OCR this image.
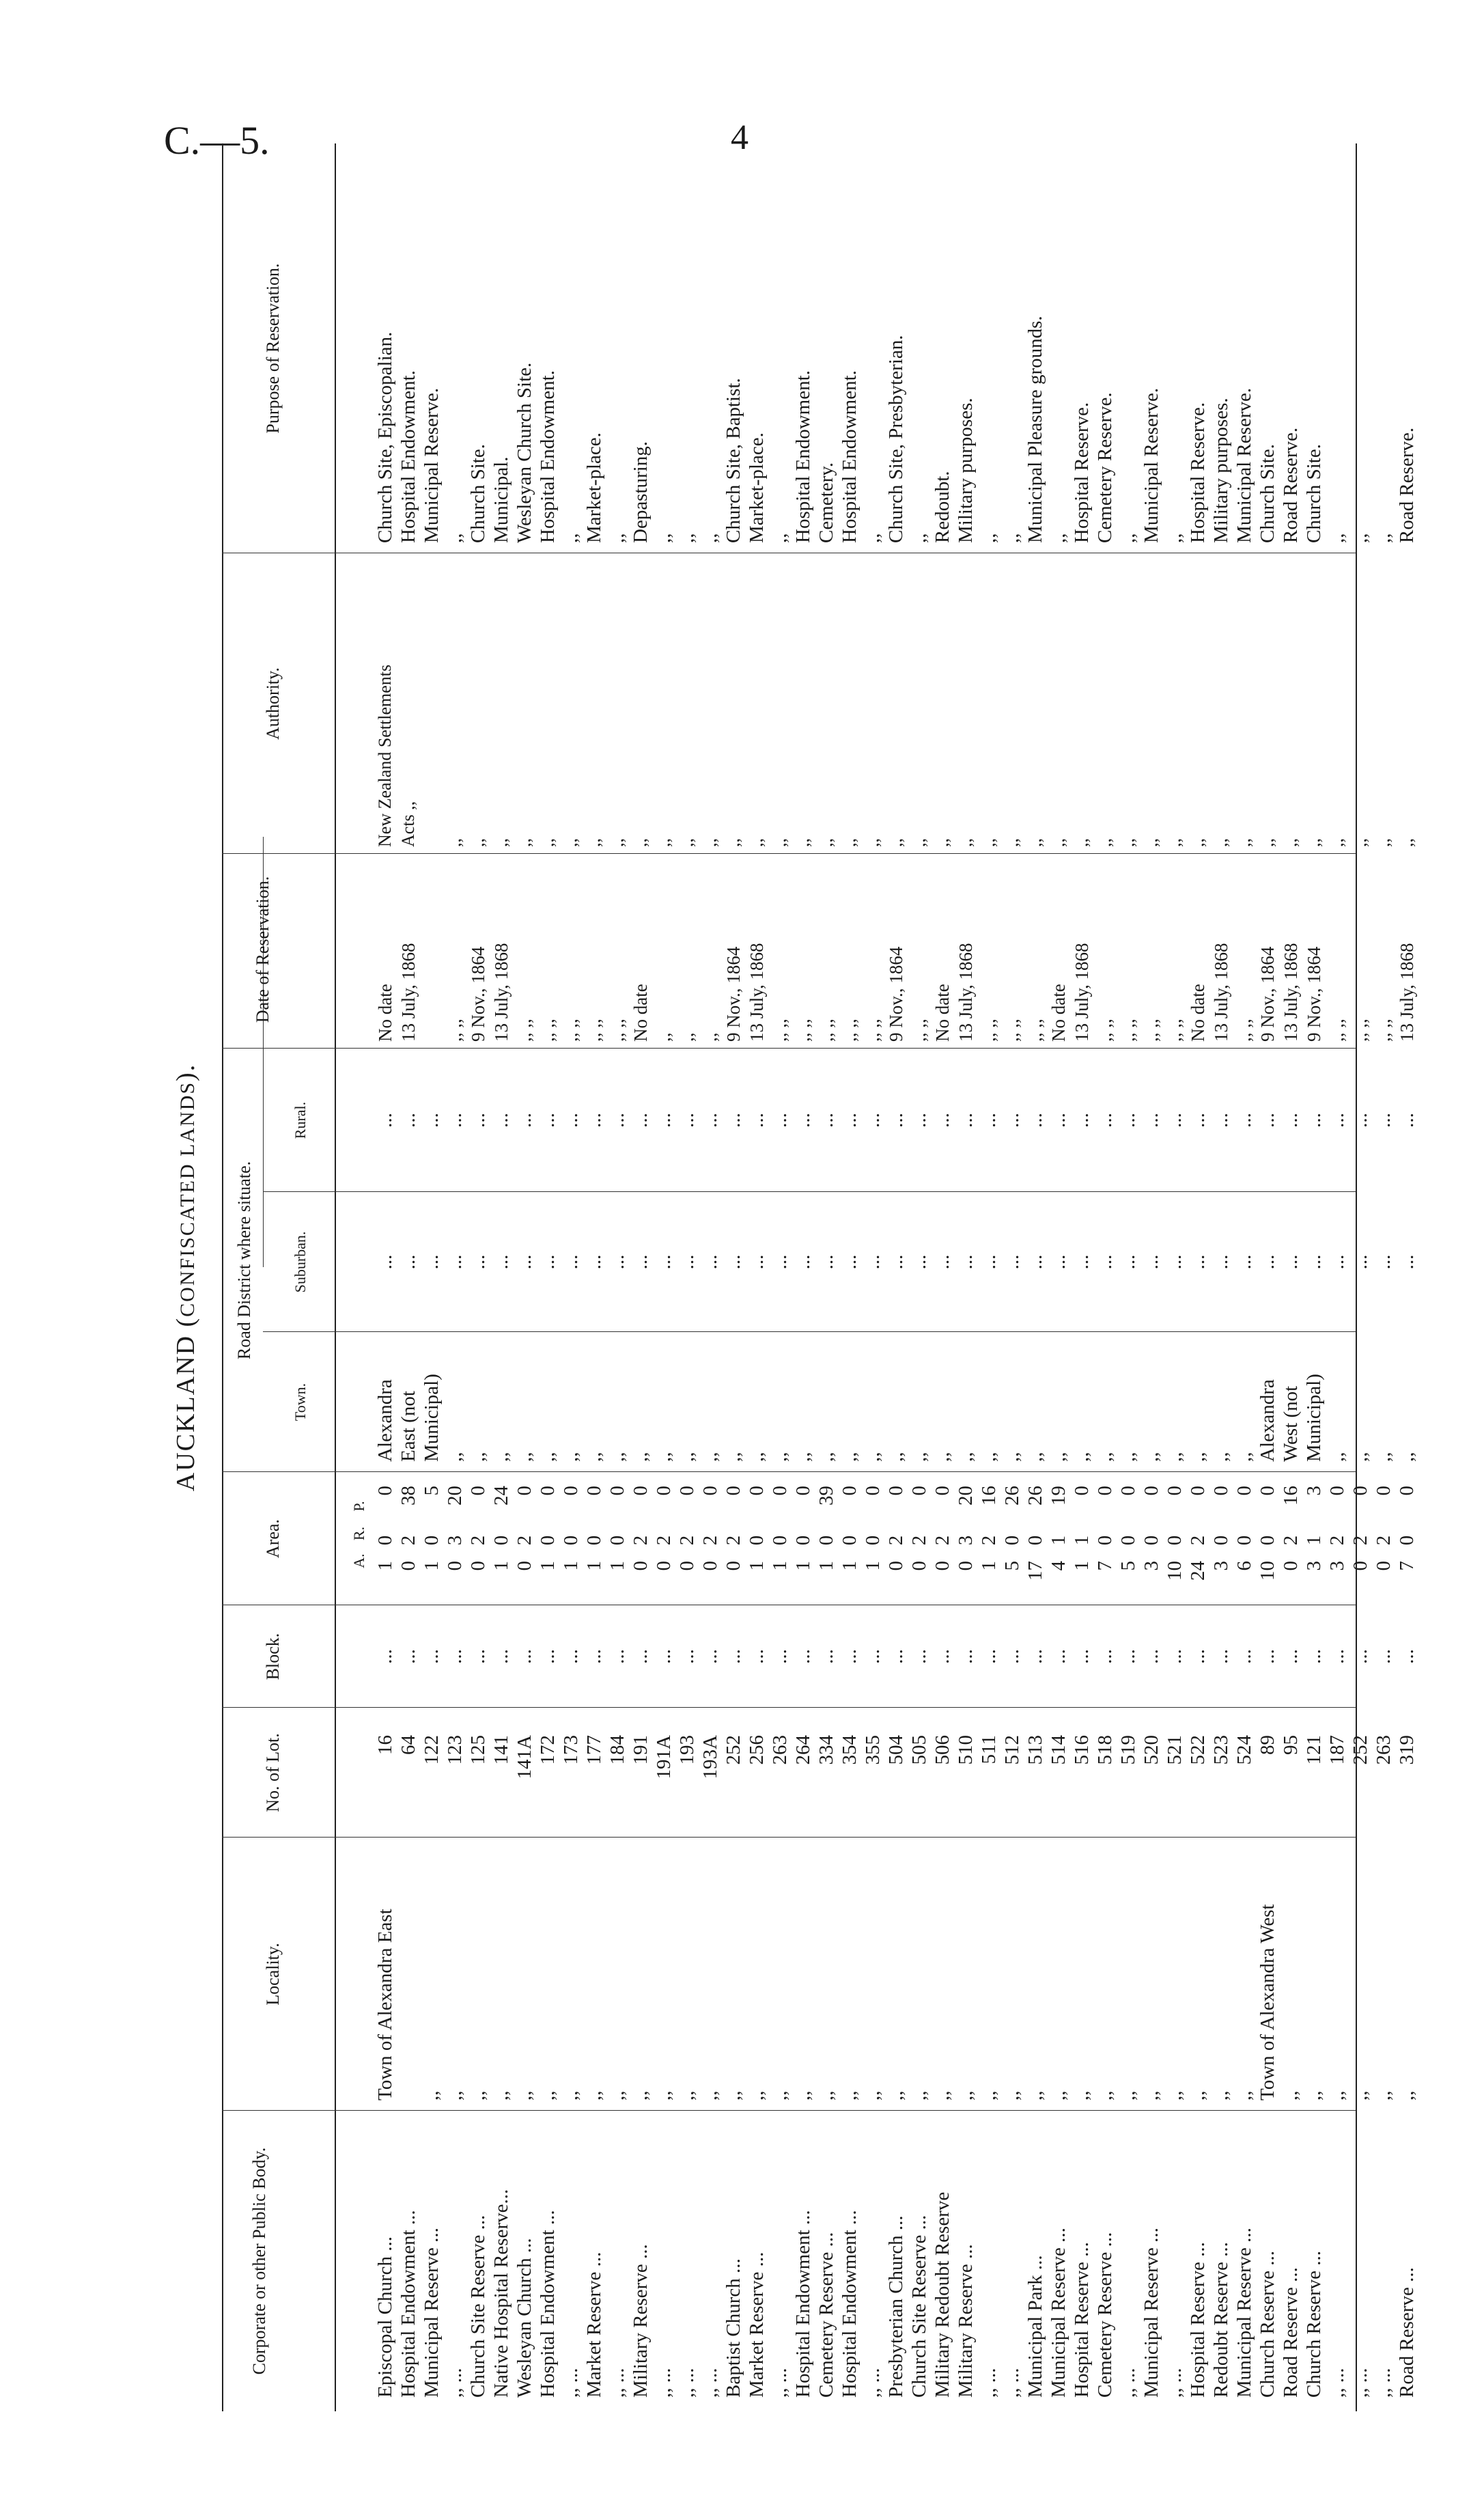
C.—5.	4
AUCKLAND (CONFISCATED LANDS).
Corporate or other Public Body.
Locality.
No. of Lot.
Block.
Area.
Road District where situate.
Town.
Suburban.
Rural.
Date of Reservation.
Authority.
Purpose of Reservation.
A.R.P.
Episcopal Church ... Hospital Endowment ... Municipal Reserve ... ,, ... Church Site Reserve ... Native Hospital Reserve... Wesleyan Church ... Hospital Endowment ... ,, ... Market Reserve ... ,, ... Military Reserve ... ,, ... ,, ... ,, ... Baptist Church ... Market Reserve ... ,, ... Hospital Endowment ... Cemetery Reserve ... Hospital Endowment ... ,, ... Presbyterian Church ... Church Site Reserve ... Military Redoubt Reserve Military Reserve ... ,, ... ,, ... Municipal Park ... Municipal Reserve ... Hospital Reserve ... Cemetery Reserve ... ,, ... Municipal Reserve ... ,, ... Hospital Reserve ... Redoubt Reserve ... Municipal Reserve ... Church Reserve ... Road Reserve ... Church Reserve ... ,, ... ,, ... ,, ... Road Reserve ...
Town of Alexandra East ,, ,, ,, ,, ,, ,, ,, ,, ,, ,, ,, ,, ,, ,, ,, ,, ,, ,, ,, ,, ,, ,, ,, ,, ,, ,, ,, ,, ,, ,, ,, ,, ,, ,, ,, ,, Town of Alexandra West ,, ,, ,, ,, ,, ,,
16 64 122 123 125 141 141A 172 173 177 184 191 191A 193 193A 252 256 263 264 334 354 355 504 505 506 510 511 512 513 514 516 518 519 520 521 522 523 524 89 95 121 187 252 263 319
... ... ... ... ... ... ... ... ... ... ... ... ... ... ... ... ... ... ... ... ... ... ... ... ... ... ... ... ... ... ... ... ... ... ... ... ... ... ... ... ... ... ... ... ...
1 0 1 0 0 1 0 1 1 1 1 0 0 0 0 0 1 1 1 1 1 1 0 0 0 0 1 5 17 4 1 7 5 3 10 24 3 6 10 0 3 3 0 0 7
0 2 0 3 2 0 2 0 0 0 0 2 2 2 2 2 0 0 0 0 0 0 2 2 2 3 2 0 0 1 1 0 0 0 0 2 0 0 0 2 1 2 2 2 0
0 38 5 20 0 24 0 0 0 0 0 0 0 0 0 0 0 0 0 39 0 0 0 0 0 20 16 26 26 19 0 0 0 0 0 0 0 0 0 16 3 0 0 0 0
Alexandra East (not Municipal) ,, ,, ,, ,, ,, ,, ,, ,, ,, ,, ,, ,, ,, ,, ,, ,, ,, ,, ,, ,, ,, ,, ,, ,, ,, ,, ,, ,, ,, ,, ,, ,, ,, ,, ,, Alexandra West (not Municipal) ,, ,, ,, ,,
... ... ... ... ... ... ... ... ... ... ... ... ... ... ... ... ... ... ... ... ... ... ... ... ... ... ... ... ... ... ... ... ... ... ... ... ... ... ... ... ... ... ... ... ...
... ... ... ... ... ... ... ... ... ... ... ... ... ... ... ... ... ... ... ... ... ... ... ... ... ... ... ... ... ... ... ... ... ... ... ... ... ... ... ... ... ... ... ... ...
No date 13 July, 1868 ,, ,, 9 Nov., 1864 13 July, 1868 ,, ,, ,, ,, ,, ,, ,, ,, ,, ,, No date ,, ,, ,, 9 Nov., 1864 13 July, 1868 ,, ,, ,, ,, ,, ,, ,, ,, ,, ,, 9 Nov., 1864 ,, ,, No date 13 July, 1868 ,, ,, ,, ,, ,, ,, No date 13 July, 1868 ,, ,, ,, ,, ,, ,, ,, ,, No date 13 July, 1868 ,, ,, 9 Nov., 1864 13 July, 1868 9 Nov., 1864 ,, ,, ,, ,, ,, ,, 13 July, 1868
New Zealand Settlements Acts ,, ,, ,, ,, ,, ,, ,, ,, ,, ,, ,, ,, ,, ,, ,, ,, ,, ,, ,, ,, ,, ,, ,, ,, ,, ,, ,, ,, ,, ,, ,, ,, ,, ,, ,, ,, ,, ,, ,, ,, ,, ,, ,,
Church Site, Episcopalian. Hospital Endowment. Municipal Reserve. ,, Church Site. Municipal. Wesleyan Church Site. Hospital Endowment. ,, Market-place. ,, Depasturing. ,, ,, ,, Church Site, Baptist. Market-place. ,, Hospital Endowment. Cemetery. Hospital Endowment. ,, Church Site, Presbyterian. ,, Redoubt. Military purposes. ,, ,, Municipal Pleasure grounds. ,, Hospital Reserve. Cemetery Reserve. ,, Municipal Reserve. ,, Hospital Reserve. Military purposes. Municipal Reserve. Church Site. Road Reserve. Church Site. ,, ,, ,, Road Reserve.
